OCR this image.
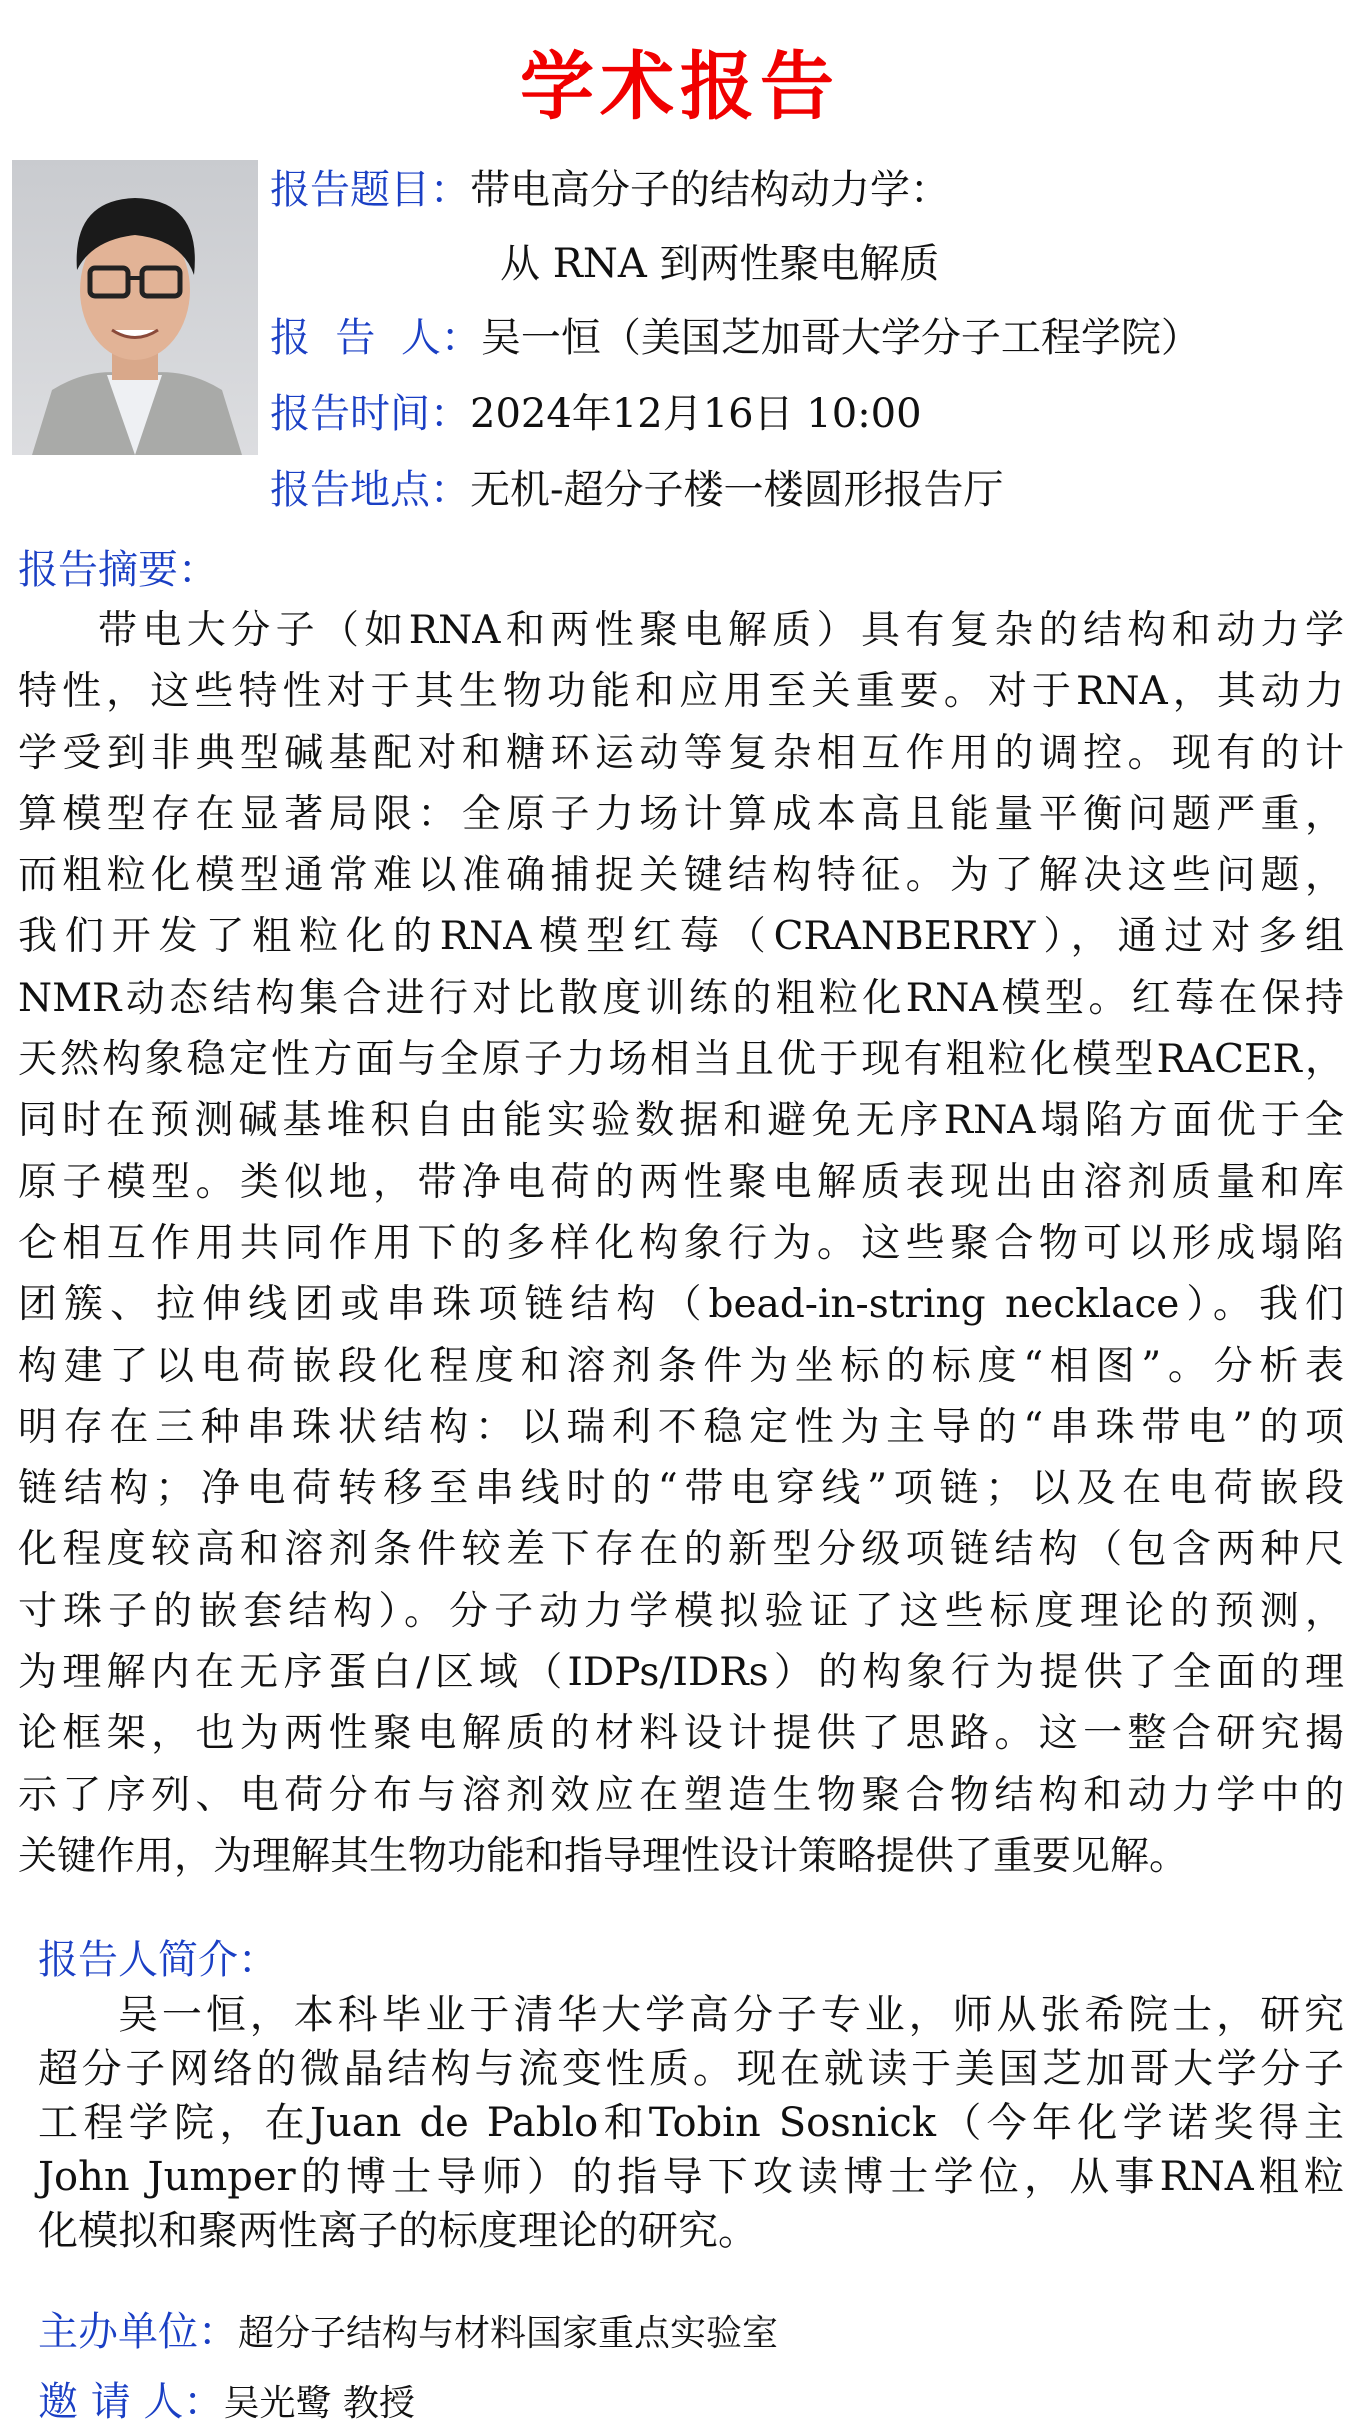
学术报告
报告题目：带电高分子的结构动力学：
从 RNA 到两性聚电解质
报  告  人：吴一恒（美国芝加哥大学分子工程学院）
报告时间：2024年12月16日 10:00
报告地点：无机-超分子楼一楼圆形报告厅
报告摘要：
带电大分子（如RNA和两性聚电解质）具有复杂的结构和动力学
特性，这些特性对于其生物功能和应用至关重要。对于RNA，其动力
学受到非典型碱基配对和糖环运动等复杂相互作用的调控。现有的计
算模型存在显著局限：全原子力场计算成本高且能量平衡问题严重，
而粗粒化模型通常难以准确捕捉关键结构特征。为了解决这些问题，
我们开发了粗粒化的RNA模型红莓（CRANBERRY），通过对多组
NMR动态结构集合进行对比散度训练的粗粒化RNA模型。红莓在保持
天然构象稳定性方面与全原子力场相当且优于现有粗粒化模型RACER，
同时在预测碱基堆积自由能实验数据和避免无序RNA塌陷方面优于全
原子模型。类似地，带净电荷的两性聚电解质表现出由溶剂质量和库
仑相互作用共同作用下的多样化构象行为。这些聚合物可以形成塌陷
团簇、拉伸线团或串珠项链结构（bead-in-string necklace）。我们
构建了以电荷嵌段化程度和溶剂条件为坐标的标度“相图”。分析表
明存在三种串珠状结构：以瑞利不稳定性为主导的“串珠带电”的项
链结构；净电荷转移至串线时的“带电穿线”项链；以及在电荷嵌段
化程度较高和溶剂条件较差下存在的新型分级项链结构（包含两种尺
寸珠子的嵌套结构）。分子动力学模拟验证了这些标度理论的预测，
为理解内在无序蛋白/区域（IDPs/IDRs）的构象行为提供了全面的理
论框架，也为两性聚电解质的材料设计提供了思路。这一整合研究揭
示了序列、电荷分布与溶剂效应在塑造生物聚合物结构和动力学中的
关键作用，为理解其生物功能和指导理性设计策略提供了重要见解。
报告人简介：
吴一恒，本科毕业于清华大学高分子专业，师从张希院士，研究
超分子网络的微晶结构与流变性质。现在就读于美国芝加哥大学分子
工程学院，在Juan de Pablo和Tobin Sosnick（今年化学诺奖得主
John Jumper的博士导师）的指导下攻读博士学位，从事RNA粗粒
化模拟和聚两性离子的标度理论的研究。
主办单位：超分子结构与材料国家重点实验室
邀 请 人：吴光鹭 教授
